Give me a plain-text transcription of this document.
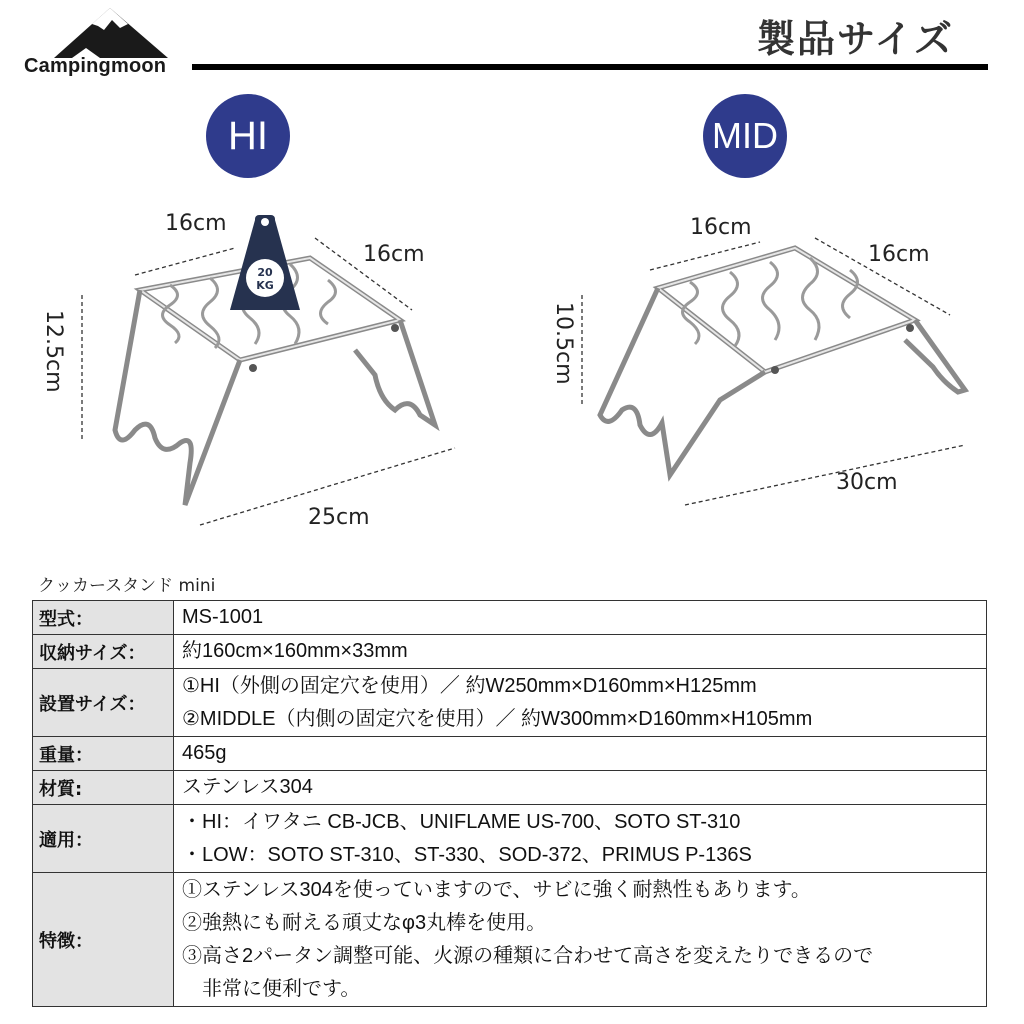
Campingmoon
製品サイズ
HI
20 KG
16cm
16cm
12.5cm
25cm
MID
16cm
16cm
10.5cm
30cm
クッカースタンド mini
型式：	MS-1001

収納サイズ：	約160cm×160mm×33mm

設置サイズ：	①HI（外側の固定穴を使用）／ 約W250mm×D160mm×H125mm
②MIDDLE（内側の固定穴を使用）／ 約W300mm×D160mm×H105mm

重量：	465g

材質:	ステンレス304

適用：	・HI：イワタニ CB-JCB、UNIFLAME US-700、SOTO ST-310
・LOW：SOTO ST-310、ST-330、SOD-372、PRIMUS P-136S

特徴：	①ステンレス304を使っていますので、サビに強く耐熱性もあります。
②強熱にも耐える頑丈なφ3丸棒を使用。
③高さ2パータン調整可能、火源の種類に合わせて高さを変えたりできるので
　非常に便利です。
